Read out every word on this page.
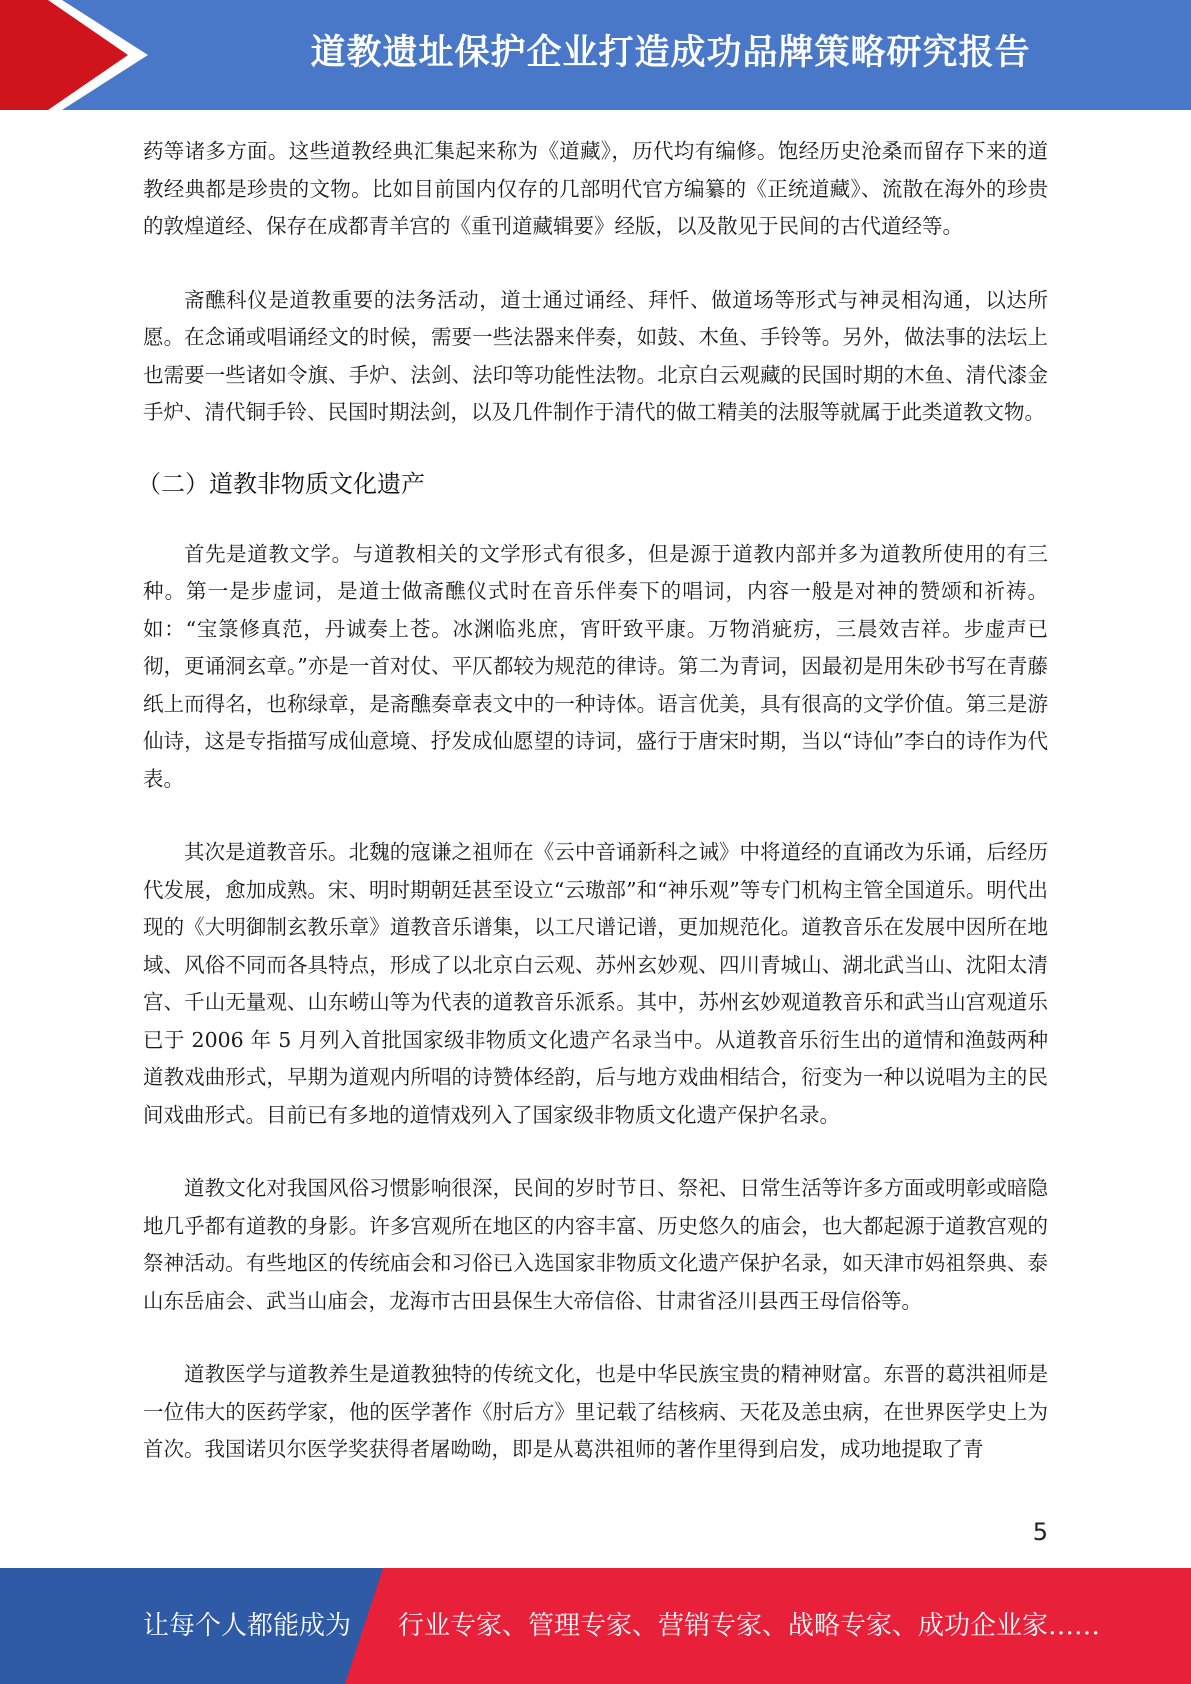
道教遗址保护企业打造成功品牌策略研究报告

药等诸多方面。这些道教经典汇集起来称为《道藏》，历代均有编修。饱经历史沧桑而留存下来的道教经典都是珍贵的文物。比如目前国内仅存的几部明代官方编纂的《正统道藏》、流散在海外的珍贵的敦煌道经、保存在成都青羊宫的《重刊道藏辑要》经版，以及散见于民间的古代道经等。

斋醮科仪是道教重要的法务活动，道士通过诵经、拜忏、做道场等形式与神灵相沟通，以达所愿。在念诵或唱诵经文的时候，需要一些法器来伴奏，如鼓、木鱼、手铃等。另外，做法事的法坛上也需要一些诸如令旗、手炉、法剑、法印等功能性法物。北京白云观藏的民国时期的木鱼、清代漆金手炉、清代铜手铃、民国时期法剑，以及几件制作于清代的做工精美的法服等就属于此类道教文物。

（二）道教非物质文化遗产

首先是道教文学。与道教相关的文学形式有很多，但是源于道教内部并多为道教所使用的有三种。第一是步虚词，是道士做斋醮仪式时在音乐伴奏下的唱词，内容一般是对神的赞颂和祈祷。如：“宝箓修真范，丹诚奏上苍。冰渊临兆庶，宵旰致平康。万物消疵疠，三晨效吉祥。步虚声已彻，更诵洞玄章。”亦是一首对仗、平仄都较为规范的律诗。第二为青词，因最初是用朱砂书写在青藤纸上而得名，也称绿章，是斋醮奏章表文中的一种诗体。语言优美，具有很高的文学价值。第三是游仙诗，这是专指描写成仙意境、抒发成仙愿望的诗词，盛行于唐宋时期，当以“诗仙”李白的诗作为代表。

其次是道教音乐。北魏的寇谦之祖师在《云中音诵新科之诫》中将道经的直诵改为乐诵，后经历代发展，愈加成熟。宋、明时期朝廷甚至设立“云璈部”和“神乐观”等专门机构主管全国道乐。明代出现的《大明御制玄教乐章》道教音乐谱集，以工尺谱记谱，更加规范化。道教音乐在发展中因所在地域、风俗不同而各具特点，形成了以北京白云观、苏州玄妙观、四川青城山、湖北武当山、沈阳太清宫、千山无量观、山东崂山等为代表的道教音乐派系。其中，苏州玄妙观道教音乐和武当山宫观道乐已于 2006 年 5 月列入首批国家级非物质文化遗产名录当中。从道教音乐衍生出的道情和渔鼓两种道教戏曲形式，早期为道观内所唱的诗赞体经韵，后与地方戏曲相结合，衍变为一种以说唱为主的民间戏曲形式。目前已有多地的道情戏列入了国家级非物质文化遗产保护名录。

道教文化对我国风俗习惯影响很深，民间的岁时节日、祭祀、日常生活等许多方面或明彰或暗隐地几乎都有道教的身影。许多宫观所在地区的内容丰富、历史悠久的庙会，也大都起源于道教宫观的祭神活动。有些地区的传统庙会和习俗已入选国家非物质文化遗产保护名录，如天津市妈祖祭典、泰山东岳庙会、武当山庙会，龙海市古田县保生大帝信俗、甘肃省泾川县西王母信俗等。

道教医学与道教养生是道教独特的传统文化，也是中华民族宝贵的精神财富。东晋的葛洪祖师是一位伟大的医药学家，他的医学著作《肘后方》里记载了结核病、天花及恙虫病，在世界医学史上为首次。我国诺贝尔医学奖获得者屠呦呦，即是从葛洪祖师的著作里得到启发，成功地提取了青

5
让每个人都能成为 行业专家、管理专家、营销专家、战略专家、成功企业家……
